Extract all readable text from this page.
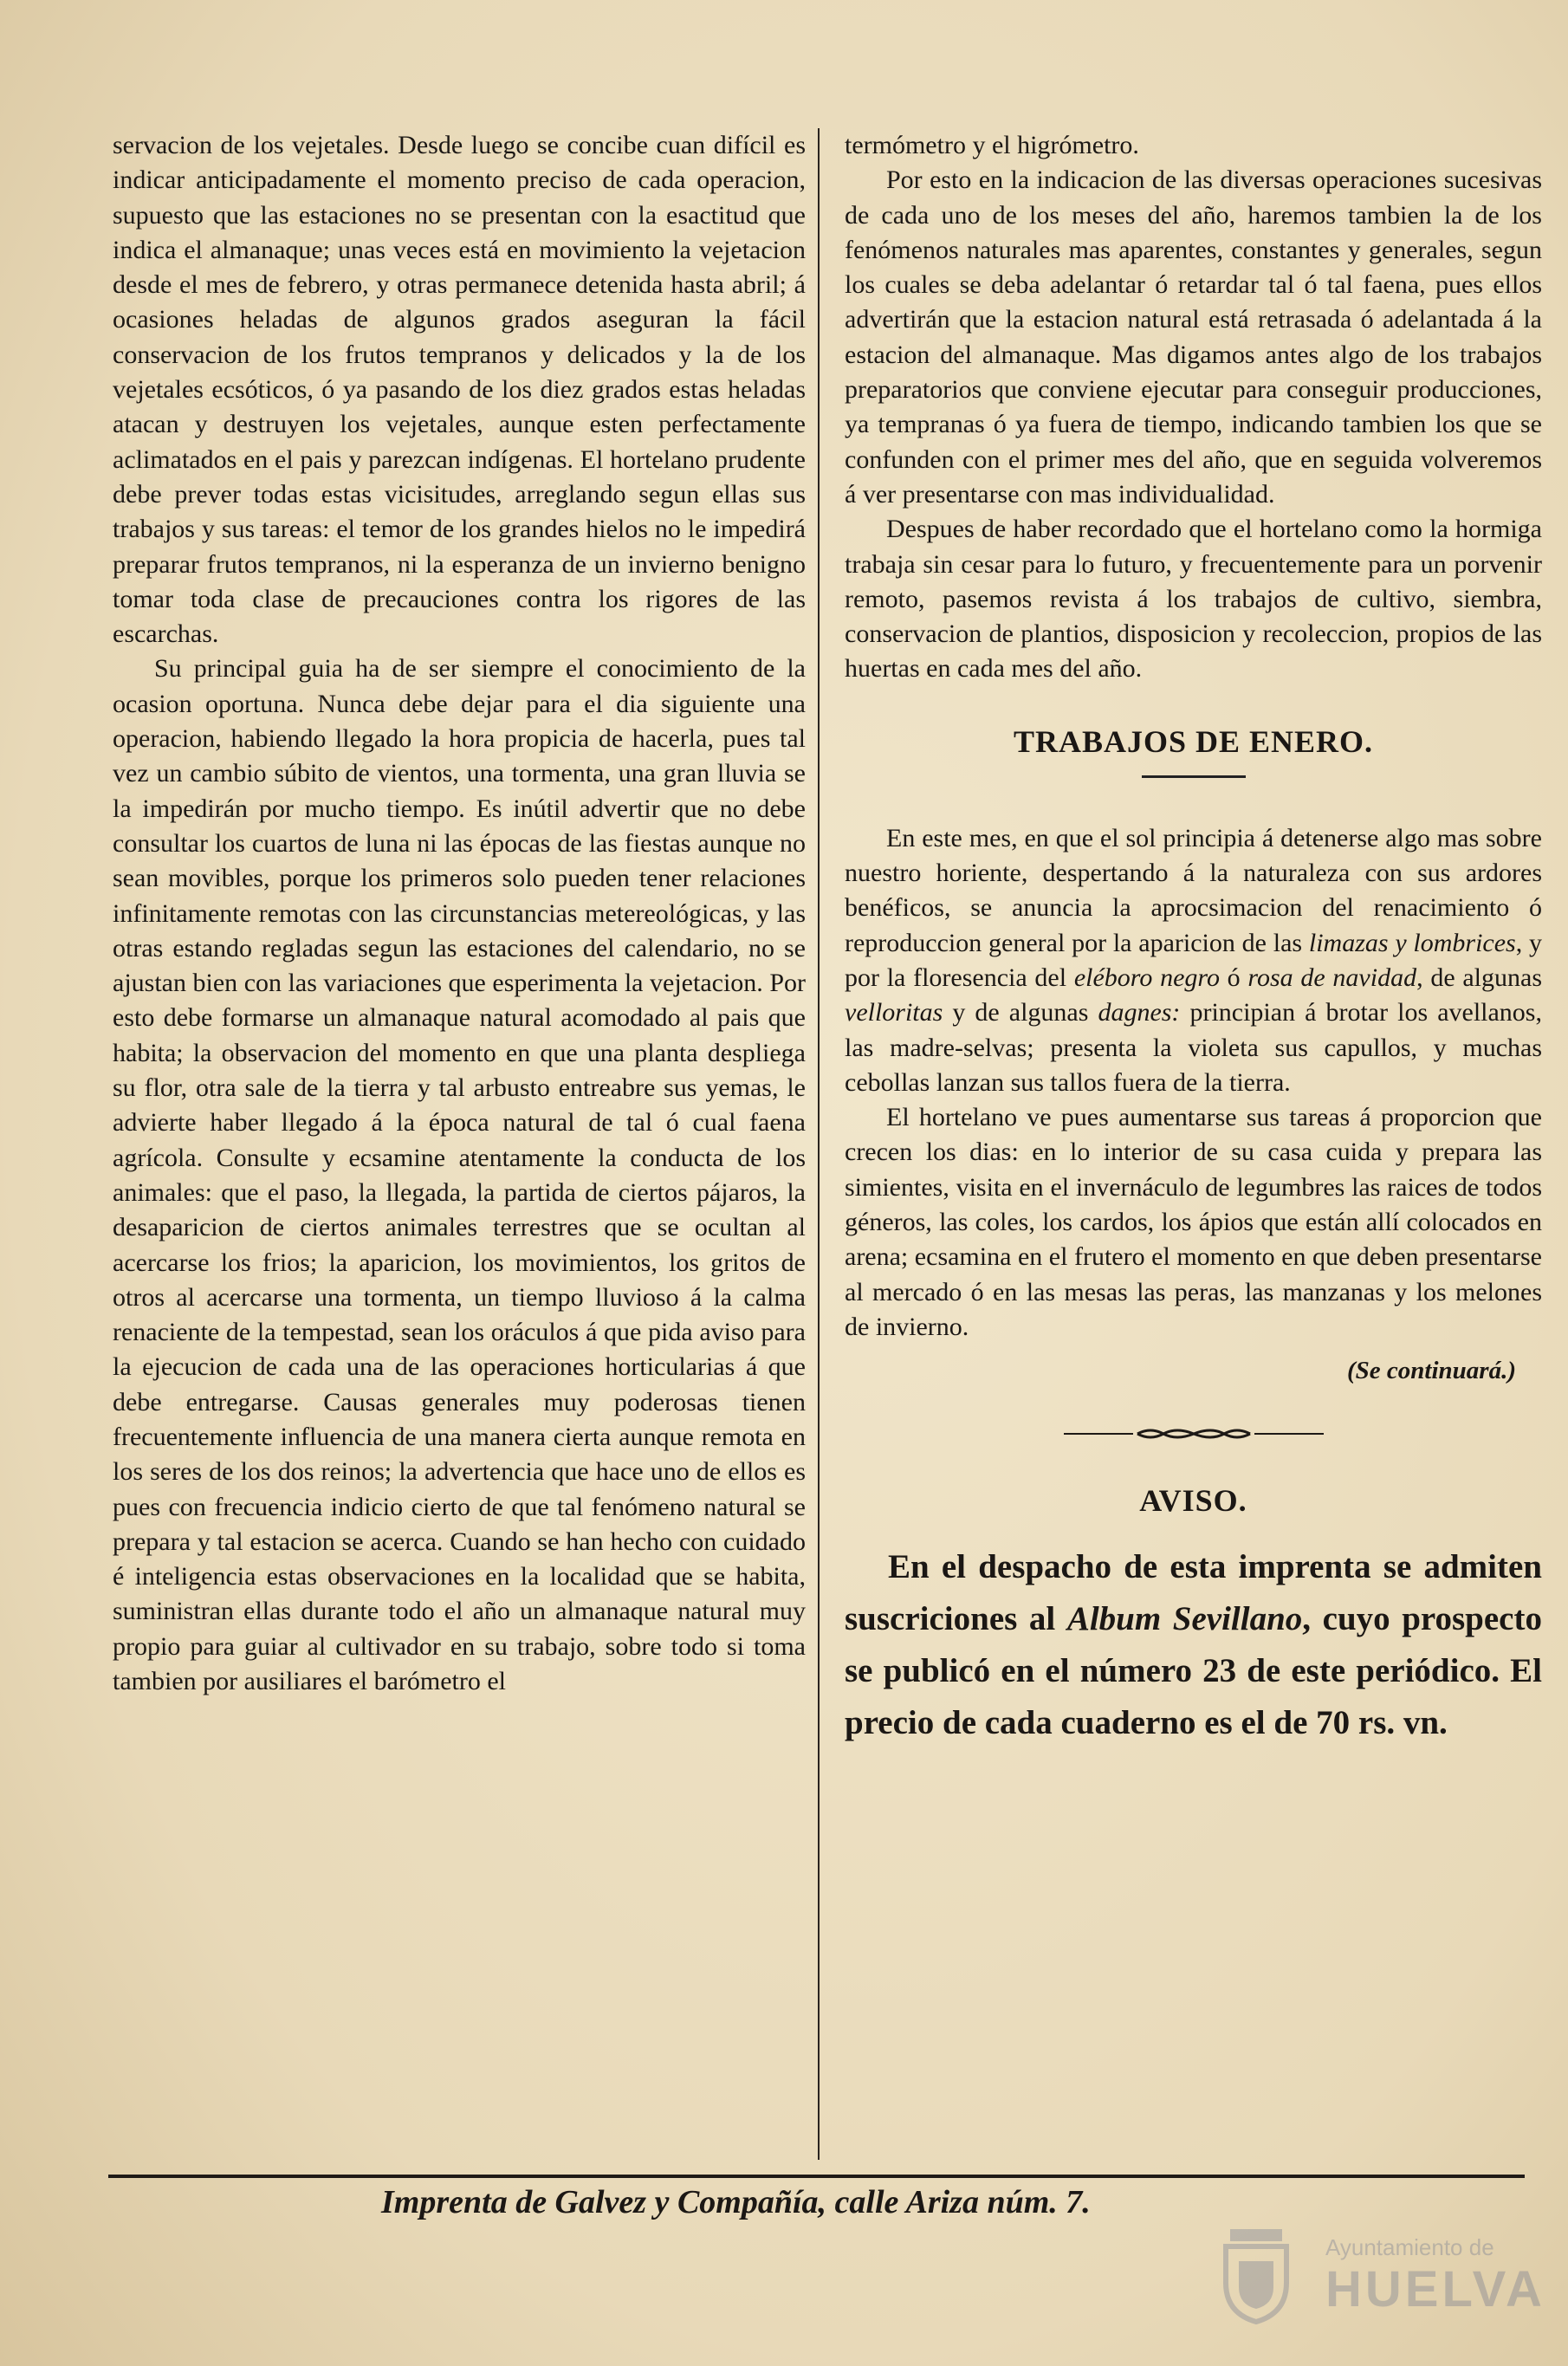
servacion de los vejetales. Desde luego se concibe cuan difícil es indicar anticipadamente el momento preciso de cada operacion, supuesto que las estaciones no se presentan con la esactitud que indica el almanaque; unas veces está en movimiento la vejetacion desde el mes de febrero, y otras permanece detenida hasta abril; á ocasiones heladas de algunos grados aseguran la fácil conservacion de los frutos tempranos y delicados y la de los vejetales ecsóticos, ó ya pasando de los diez grados estas heladas atacan y destruyen los vejetales, aunque esten perfectamente aclimatados en el pais y parezcan indígenas. El hortelano prudente debe prever todas estas vicisitudes, arreglando segun ellas sus trabajos y sus tareas: el temor de los grandes hielos no le impedirá preparar frutos tempranos, ni la esperanza de un invierno benigno tomar toda clase de precauciones contra los rigores de las escarchas.

Su principal guia ha de ser siempre el conocimiento de la ocasion oportuna. Nunca debe dejar para el dia siguiente una operacion, habiendo llegado la hora propicia de hacerla, pues tal vez un cambio súbito de vientos, una tormenta, una gran lluvia se la impedirán por mucho tiempo. Es inútil advertir que no debe consultar los cuartos de luna ni las épocas de las fiestas aunque no sean movibles, porque los primeros solo pueden tener relaciones infinitamente remotas con las circunstancias metereológicas, y las otras estando regladas segun las estaciones del calendario, no se ajustan bien con las variaciones que esperimenta la vejetacion. Por esto debe formarse un almanaque natural acomodado al pais que habita; la observacion del momento en que una planta despliega su flor, otra sale de la tierra y tal arbusto entreabre sus yemas, le advierte haber llegado á la época natural de tal ó cual faena agrícola. Consulte y ecsamine atentamente la conducta de los animales: que el paso, la llegada, la partida de ciertos pájaros, la desaparicion de ciertos animales terrestres que se ocultan al acercarse los frios; la aparicion, los movimientos, los gritos de otros al acercarse una tormenta, un tiempo lluvioso á la calma renaciente de la tempestad, sean los oráculos á que pida aviso para la ejecucion de cada una de las operaciones horticularias á que debe entregarse. Causas generales muy poderosas tienen frecuentemente influencia de una manera cierta aunque remota en los seres de los dos reinos; la advertencia que hace uno de ellos es pues con frecuencia indicio cierto de que tal fenómeno natural se prepara y tal estacion se acerca. Cuando se han hecho con cuidado é inteligencia estas observaciones en la localidad que se habita, suministran ellas durante todo el año un almanaque natural muy propio para guiar al cultivador en su trabajo, sobre todo si toma tambien por ausiliares el barómetro el

termómetro y el higrómetro.

Por esto en la indicacion de las diversas operaciones sucesivas de cada uno de los meses del año, haremos tambien la de los fenómenos naturales mas aparentes, constantes y generales, segun los cuales se deba adelantar ó retardar tal ó tal faena, pues ellos advertirán que la estacion natural está retrasada ó adelantada á la estacion del almanaque. Mas digamos antes algo de los trabajos preparatorios que conviene ejecutar para conseguir producciones, ya tempranas ó ya fuera de tiempo, indicando tambien los que se confunden con el primer mes del año, que en seguida volveremos á ver presentarse con mas individualidad.

Despues de haber recordado que el hortelano como la hormiga trabaja sin cesar para lo futuro, y frecuentemente para un porvenir remoto, pasemos revista á los trabajos de cultivo, siembra, conservacion de plantios, disposicion y recoleccion, propios de las huertas en cada mes del año.

TRABAJOS DE ENERO.

En este mes, en que el sol principia á detenerse algo mas sobre nuestro horiente, despertando á la naturaleza con sus ardores benéficos, se anuncia la aprocsimacion del renacimiento ó reproduccion general por la aparicion de las limazas y lombrices, y por la floresencia del eléboro negro ó rosa de navidad, de algunas velloritas y de algunas dagnes: principian á brotar los avellanos, las madre-selvas; presenta la violeta sus capullos, y muchas cebollas lanzan sus tallos fuera de la tierra.

El hortelano ve pues aumentarse sus tareas á proporcion que crecen los dias: en lo interior de su casa cuida y prepara las simientes, visita en el invernáculo de legumbres las raices de todos géneros, las coles, los cardos, los ápios que están allí colocados en arena; ecsamina en el frutero el momento en que deben presentarse al mercado ó en las mesas las peras, las manzanas y los melones de invierno.

(Se continuará.)
AVISO.

En el despacho de esta imprenta se admiten suscriciones al Album Sevillano, cuyo prospecto se publicó en el número 23 de este periódico. El precio de cada cuaderno es el de 70 rs. vn.

Imprenta de Galvez y Compañía, calle Ariza núm. 7.
Ayuntamiento de
HUELVA
